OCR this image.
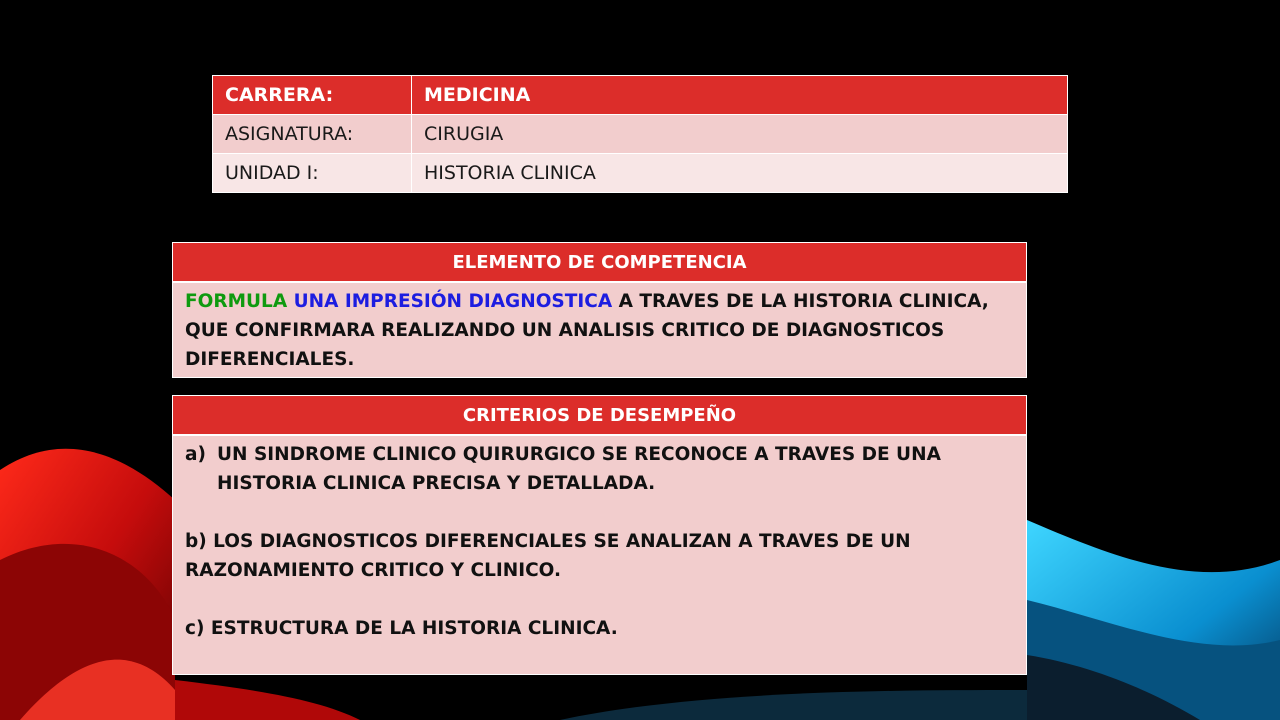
CARRERA:	MEDICINA
ASIGNATURA:	CIRUGIA
UNIDAD I:	HISTORIA CLINICA
ELEMENTO DE COMPETENCIA
FORMULA UNA IMPRESIÓN DIAGNOSTICA A TRAVES DE LA HISTORIA CLINICA, QUE CONFIRMARA REALIZANDO UN ANALISIS CRITICO DE DIAGNOSTICOS DIFERENCIALES.
CRITERIOS DE DESEMPEÑO
a) UN SINDROME CLINICO QUIRURGICO SE RECONOCE A TRAVES DE UNA HISTORIA CLINICA PRECISA Y DETALLADA.
b) LOS DIAGNOSTICOS DIFERENCIALES SE ANALIZAN A TRAVES DE UN RAZONAMIENTO CRITICO Y CLINICO.
c) ESTRUCTURA DE LA HISTORIA CLINICA.
